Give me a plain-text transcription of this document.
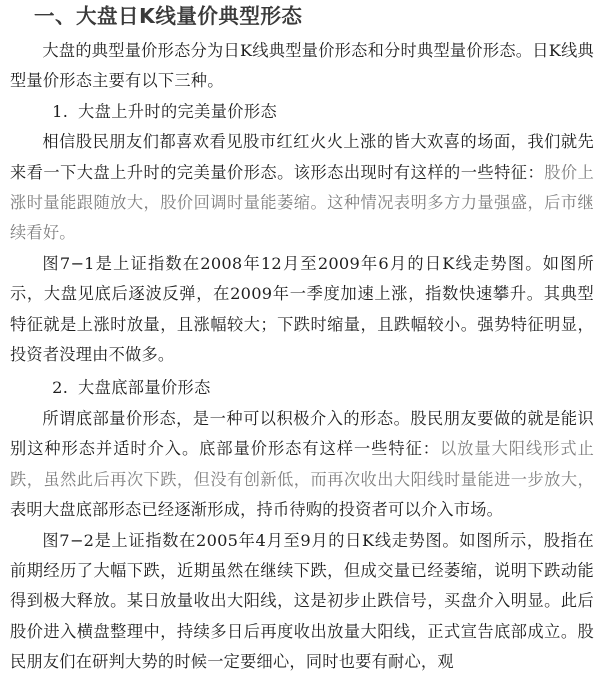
一、大盘日K线量价典型形态

大盘的典型量价形态分为日K线典型量价形态和分时典型量价形态。日K线典型量价形态主要有以下三种。

1. 大盘上升时的完美量价形态

相信股民朋友们都喜欢看见股市红红火火上涨的皆大欢喜的场面，我们就先来看一下大盘上升时的完美量价形态。该形态出现时有这样的一些特征：股价上涨时量能跟随放大，股价回调时量能萎缩。这种情况表明多方力量强盛，后市继续看好。

图7−1是上证指数在2008年12月至2009年6月的日K线走势图。如图所示，大盘见底后逐波反弹，在2009年一季度加速上涨，指数快速攀升。其典型特征就是上涨时放量，且涨幅较大；下跌时缩量，且跌幅较小。强势特征明显，投资者没理由不做多。

2. 大盘底部量价形态

所谓底部量价形态，是一种可以积极介入的形态。股民朋友要做的就是能识别这种形态并适时介入。底部量价形态有这样一些特征：以放量大阳线形式止跌，虽然此后再次下跌，但没有创新低，而再次收出大阳线时量能进一步放大，表明大盘底部形态已经逐渐形成，持币待购的投资者可以介入市场。

图7−2是上证指数在2005年4月至9月的日K线走势图。如图所示，股指在前期经历了大幅下跌，近期虽然在继续下跌，但成交量已经萎缩，说明下跌动能得到极大释放。某日放量收出大阳线，这是初步止跌信号，买盘介入明显。此后股价进入横盘整理中，持续多日后再度收出放量大阳线，正式宣告底部成立。股民朋友们在研判大势的时候一定要细心，同时也要有耐心，观
